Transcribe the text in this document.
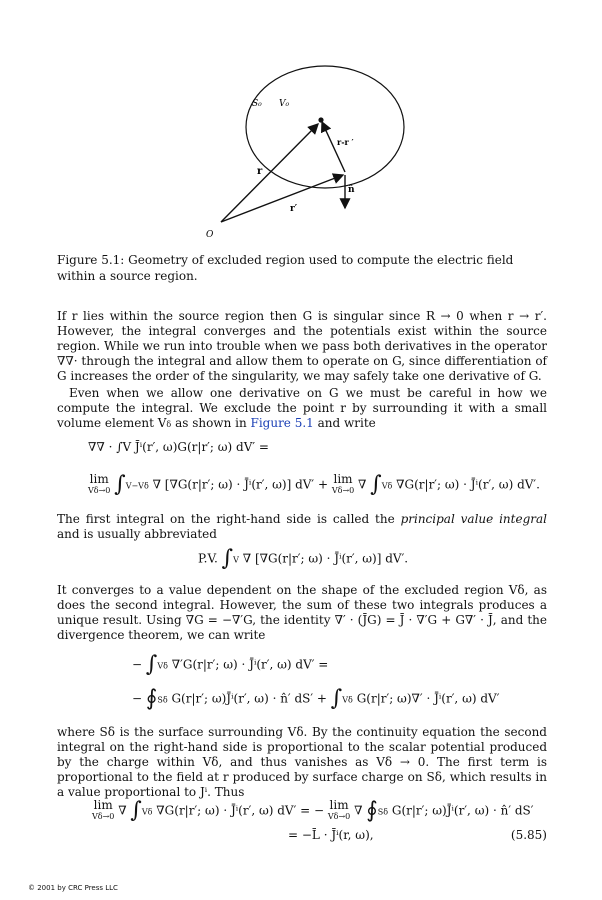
S₀ V₀
r-r ′
r
n̂
r′
O
Figure 5.1: Geometry of excluded region used to compute the electric field within a source region.
If r lies within the source region then G is singular since R → 0 when r → r′. However, the integral converges and the potentials exist within the source region. While we run into trouble when we pass both derivatives in the operator ∇∇· through the integral and allow them to operate on G, since differentiation of G increases the order of the singularity, we may safely take one derivative of G.
Even when we allow one derivative on G we must be careful in how we compute the integral. We exclude the point r by surrounding it with a small volume element Vδ as shown in Figure 5.1 and write
∇∇ · ∫V J̄ⁱ(r′, ω)G(r|r′; ω) dV′ =
lim
Vδ→0 ∫V−Vδ ∇ [∇G(r|r′; ω) · J̄ⁱ(r′, ω)] dV′ + lim
Vδ→0 ∇ ∫Vδ ∇G(r|r′; ω) · J̄ⁱ(r′, ω) dV′.
The first integral on the right-hand side is called the principal value integral and is usually abbreviated
P.V. ∫V ∇ [∇G(r|r′; ω) · J̄ⁱ(r′, ω)] dV′.
It converges to a value dependent on the shape of the excluded region Vδ, as does the second integral. However, the sum of these two integrals produces a unique result. Using ∇G = −∇′G, the identity ∇′ · (J̄G) = J̄ · ∇′G + G∇′ · J̄, and the divergence theorem, we can write
− ∫Vδ ∇′G(r|r′; ω) · J̄ⁱ(r′, ω) dV′ =
− ∮Sδ G(r|r′; ω)J̄ⁱ(r′, ω) · n̂′ dS′ + ∫Vδ G(r|r′; ω)∇′ · J̄ⁱ(r′, ω) dV′
where Sδ is the surface surrounding Vδ. By the continuity equation the second integral on the right-hand side is proportional to the scalar potential produced by the charge within Vδ, and thus vanishes as Vδ → 0. The first term is proportional to the field at r produced by surface charge on Sδ, which results in a value proportional to Jⁱ. Thus
lim
Vδ→0 ∇ ∫Vδ ∇G(r|r′; ω) · J̄ⁱ(r′, ω) dV′ = − lim
Vδ→0 ∇ ∮Sδ G(r|r′; ω)J̄ⁱ(r′, ω) · n̂′ dS′
= −L̄ · J̄ⁱ(r, ω),	(5.85)
© 2001 by CRC Press LLC
